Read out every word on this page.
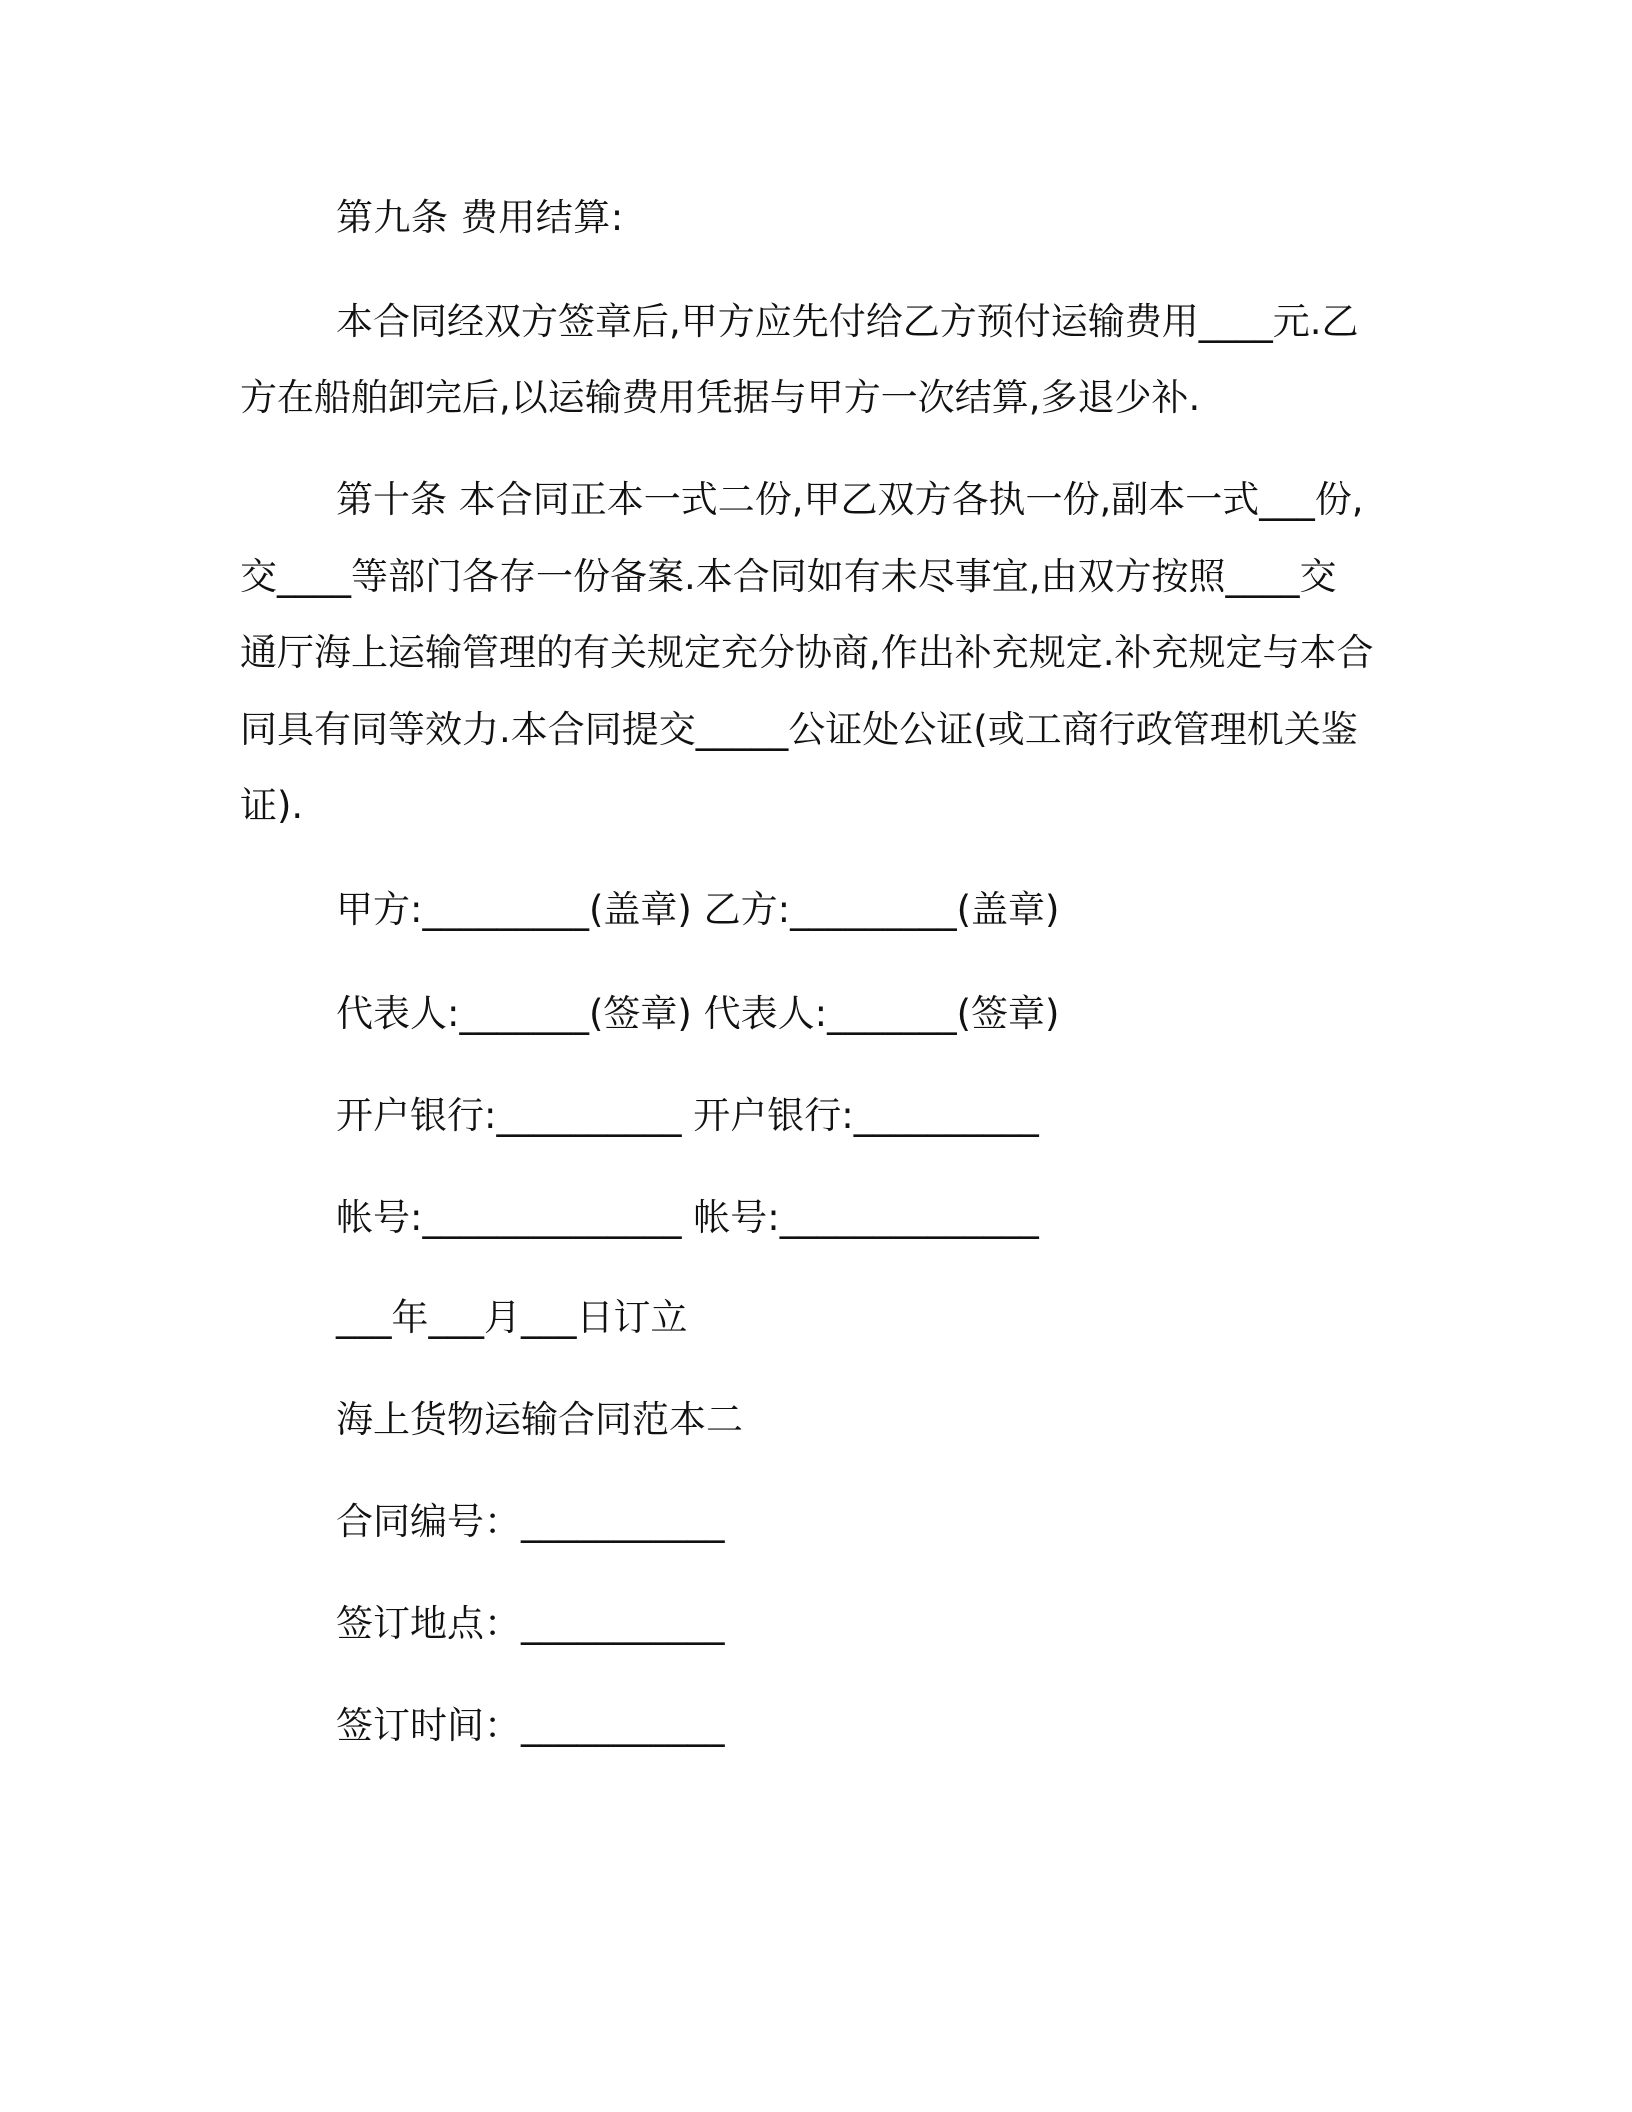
第九条 费用结算:
本合同经双方签章后,甲方应先付给乙方预付运输费用____元.乙
方在船舶卸完后,以运输费用凭据与甲方一次结算,多退少补.
第十条 本合同正本一式二份,甲乙双方各执一份,副本一式___份,
交____等部门各存一份备案.本合同如有未尽事宜,由双方按照____交
通厅海上运输管理的有关规定充分协商,作出补充规定.补充规定与本合
同具有同等效力.本合同提交_____公证处公证(或工商行政管理机关鉴
证).
甲方:_________(盖章) 乙方:_________(盖章)
代表人:_______(签章) 代表人:_______(签章)
开户银行:__________ 开户银行:__________
帐号:______________ 帐号:______________
___年___月___日订立
海上货物运输合同范本二
合同编号：___________
签订地点：___________
签订时间：___________
